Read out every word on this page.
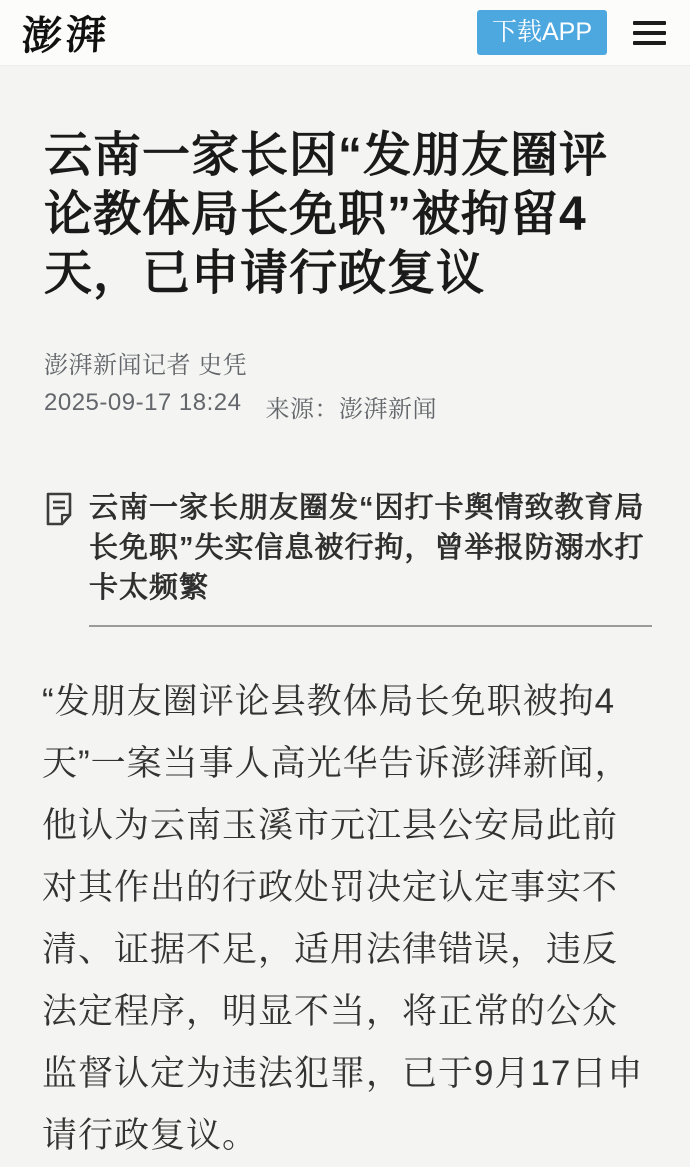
澎湃	下载APP
云南一家长因“发朋友圈评论教体局长免职”被拘留4天，已申请行政复议
澎湃新闻记者 史凭
2025-09-17 18:24 来源：澎湃新闻
云南一家长朋友圈发“因打卡舆情致教育局长免职”失实信息被行拘，曾举报防溺水打卡太频繁

“发朋友圈评论县教体局长免职被拘4天”一案当事人高光华告诉澎湃新闻，他认为云南玉溪市元江县公安局此前对其作出的行政处罚决定认定事实不清、证据不足，适用法律错误，违反法定程序，明显不当，将正常的公众监督认定为违法犯罪，已于9月17日申请行政复议。
